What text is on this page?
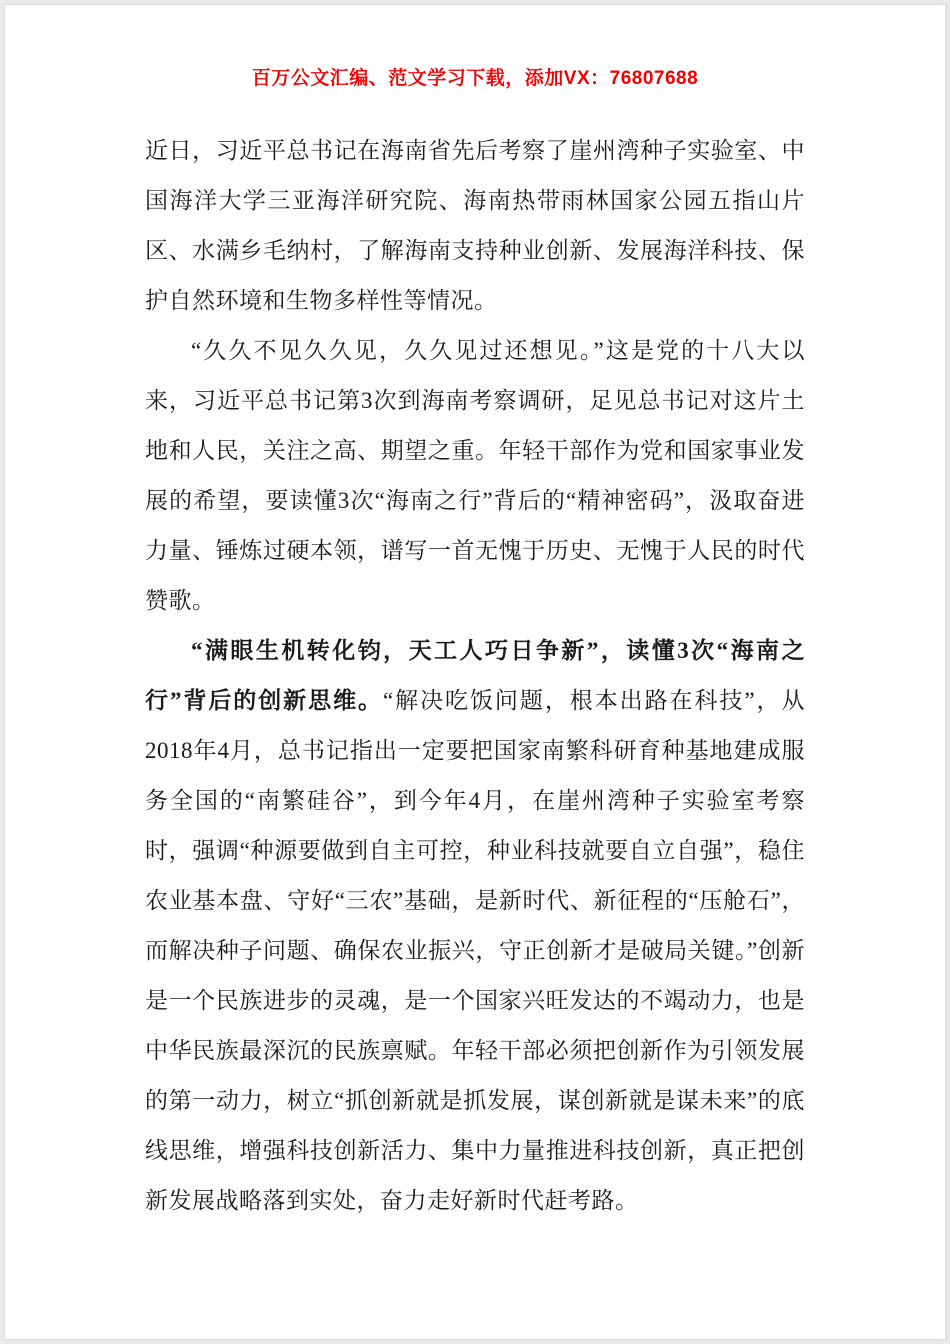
百万公文汇编、范文学习下载，添加VX：76807688

近日，习近平总书记在海南省先后考察了崖州湾种子实验室、中国海洋大学三亚海洋研究院、海南热带雨林国家公园五指山片区、水满乡毛纳村，了解海南支持种业创新、发展海洋科技、保护自然环境和生物多样性等情况。

“久久不见久久见，久久见过还想见。”这是党的十八大以来，习近平总书记第3次到海南考察调研，足见总书记对这片土地和人民，关注之高、期望之重。年轻干部作为党和国家事业发展的希望，要读懂3次“海南之行”背后的“精神密码”，汲取奋进力量、锤炼过硬本领，谱写一首无愧于历史、无愧于人民的时代赞歌。

“满眼生机转化钧，天工人巧日争新”，读懂3次“海南之行”背后的创新思维。“解决吃饭问题，根本出路在科技”，从2018年4月，总书记指出一定要把国家南繁科研育种基地建成服务全国的“南繁硅谷”，到今年4月，在崖州湾种子实验室考察时，强调“种源要做到自主可控，种业科技就要自立自强”，稳住农业基本盘、守好“三农”基础，是新时代、新征程的“压舱石”，而解决种子问题、确保农业振兴，守正创新才是破局关键。”创新是一个民族进步的灵魂，是一个国家兴旺发达的不竭动力，也是中华民族最深沉的民族禀赋。年轻干部必须把创新作为引领发展的第一动力，树立“抓创新就是抓发展，谋创新就是谋未来”的底线思维，增强科技创新活力、集中力量推进科技创新，真正把创新发展战略落到实处，奋力走好新时代赶考路。
